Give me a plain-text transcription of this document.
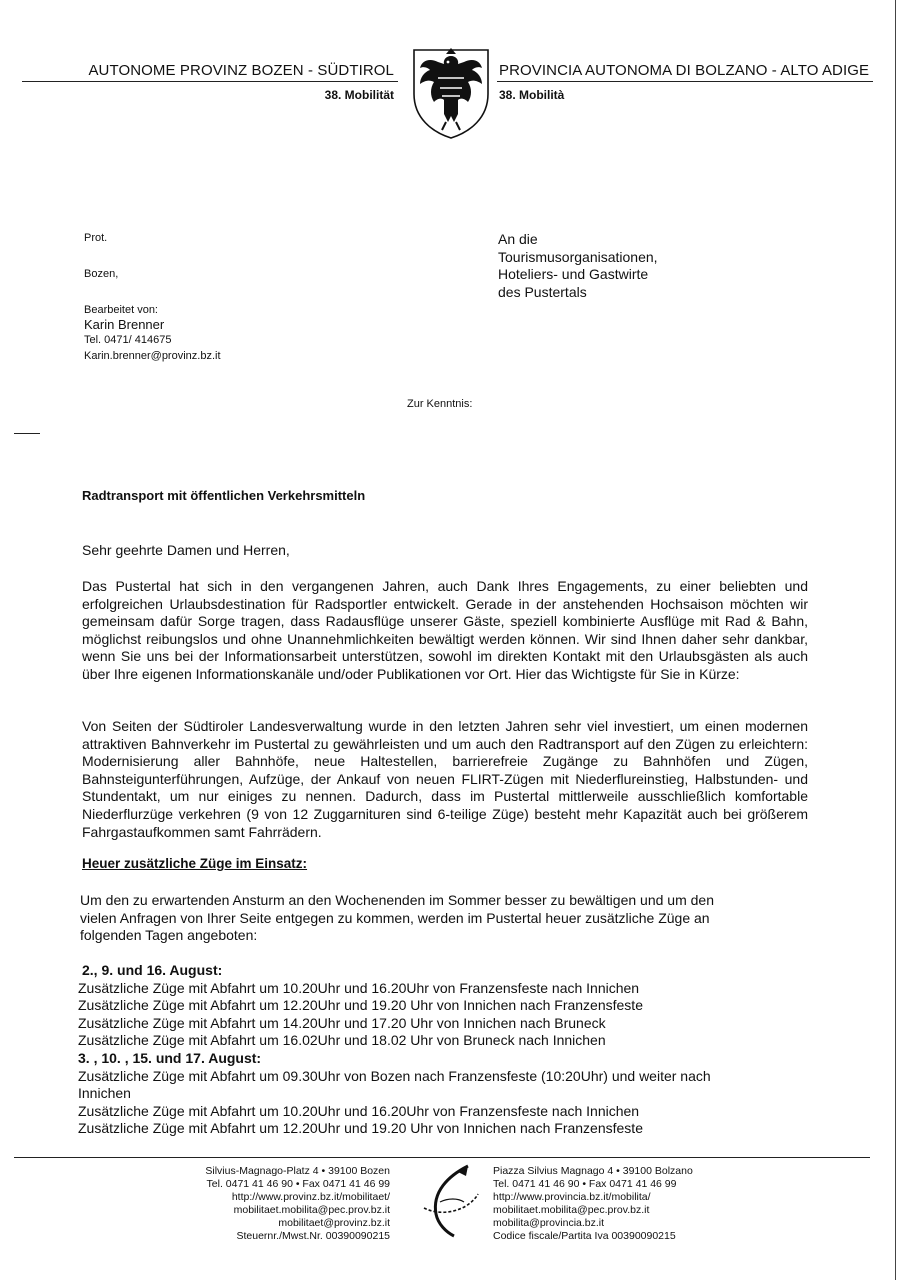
AUTONOME PROVINZ BOZEN - SÜDTIROL
38. Mobilität
PROVINCIA AUTONOMA DI BOLZANO - ALTO ADIGE
38. Mobilità
Prot.
Bozen,
Bearbeitet von:
Karin Brenner
Tel. 0471/ 414675
Karin.brenner@provinz.bz.it
An die
Tourismusorganisationen,
Hoteliers- und Gastwirte
des Pustertals
Zur Kenntnis:
Radtransport mit öffentlichen Verkehrsmitteln
Sehr geehrte Damen und Herren,
Das Pustertal hat sich in den vergangenen Jahren, auch Dank Ihres Engagements, zu einer beliebten und erfolgreichen Urlaubsdestination für Radsportler entwickelt. Gerade in der anstehenden Hochsaison möchten wir gemeinsam dafür Sorge tragen, dass Radausflüge unserer Gäste, speziell kombinierte Ausflüge mit Rad & Bahn, möglichst reibungslos und ohne Unannehmlichkeiten bewältigt werden können. Wir sind Ihnen daher sehr dankbar, wenn Sie uns bei der Informationsarbeit unterstützen, sowohl im direkten Kontakt mit den Urlaubsgästen als auch über Ihre eigenen Informationskanäle und/oder Publikationen vor Ort. Hier das Wichtigste für Sie in Kürze:
Von Seiten der Südtiroler Landesverwaltung wurde in den letzten Jahren sehr viel investiert, um einen modernen attraktiven Bahnverkehr im Pustertal zu gewährleisten und um auch den Radtransport auf den Zügen zu erleichtern: Modernisierung aller Bahnhöfe, neue Haltestellen, barrierefreie Zugänge zu Bahnhöfen und Zügen, Bahnsteigunterführungen, Aufzüge, der Ankauf von neuen FLIRT-Zügen mit Niederflureinstieg, Halbstunden- und Stundentakt, um nur einiges zu nennen. Dadurch, dass im Pustertal mittlerweile ausschließlich komfortable Niederflurzüge verkehren (9 von 12 Zuggarnituren sind 6-teilige Züge) besteht mehr Kapazität auch bei größerem Fahrgastaufkommen samt Fahrrädern.
Heuer zusätzliche Züge im Einsatz:
Um den zu erwartenden Ansturm an den Wochenenden im Sommer besser zu bewältigen und um den
vielen Anfragen von Ihrer Seite entgegen zu kommen, werden im Pustertal heuer zusätzliche Züge an
folgenden Tagen angeboten:
2., 9. und 16. August:
Zusätzliche Züge mit Abfahrt um 10.20Uhr und 16.20Uhr von Franzensfeste nach Innichen
Zusätzliche Züge mit Abfahrt um 12.20Uhr und 19.20 Uhr von Innichen nach Franzensfeste
Zusätzliche Züge mit Abfahrt um 14.20Uhr und 17.20 Uhr von Innichen nach Bruneck
Zusätzliche Züge mit Abfahrt um 16.02Uhr und 18.02 Uhr von Bruneck nach Innichen
3. , 10. , 15. und 17. August:
Zusätzliche Züge mit Abfahrt um 09.30Uhr von Bozen nach Franzensfeste (10:20Uhr) und weiter nach
Innichen
Zusätzliche Züge mit Abfahrt um 10.20Uhr und 16.20Uhr von Franzensfeste nach Innichen
Zusätzliche Züge mit Abfahrt um 12.20Uhr und 19.20 Uhr von Innichen nach Franzensfeste
Silvius-Magnago-Platz 4 • 39100 Bozen
Tel. 0471 41 46 90 • Fax 0471 41 46 99
http://www.provinz.bz.it/mobilitaet/
mobilitaet.mobilita@pec.prov.bz.it
mobilitaet@provinz.bz.it
Steuernr./Mwst.Nr. 00390090215
Piazza Silvius Magnago 4 • 39100 Bolzano
Tel. 0471 41 46 90 • Fax 0471 41 46 99
http://www.provincia.bz.it/mobilita/
mobilitaet.mobilita@pec.prov.bz.it
mobilita@provincia.bz.it
Codice fiscale/Partita Iva 00390090215
